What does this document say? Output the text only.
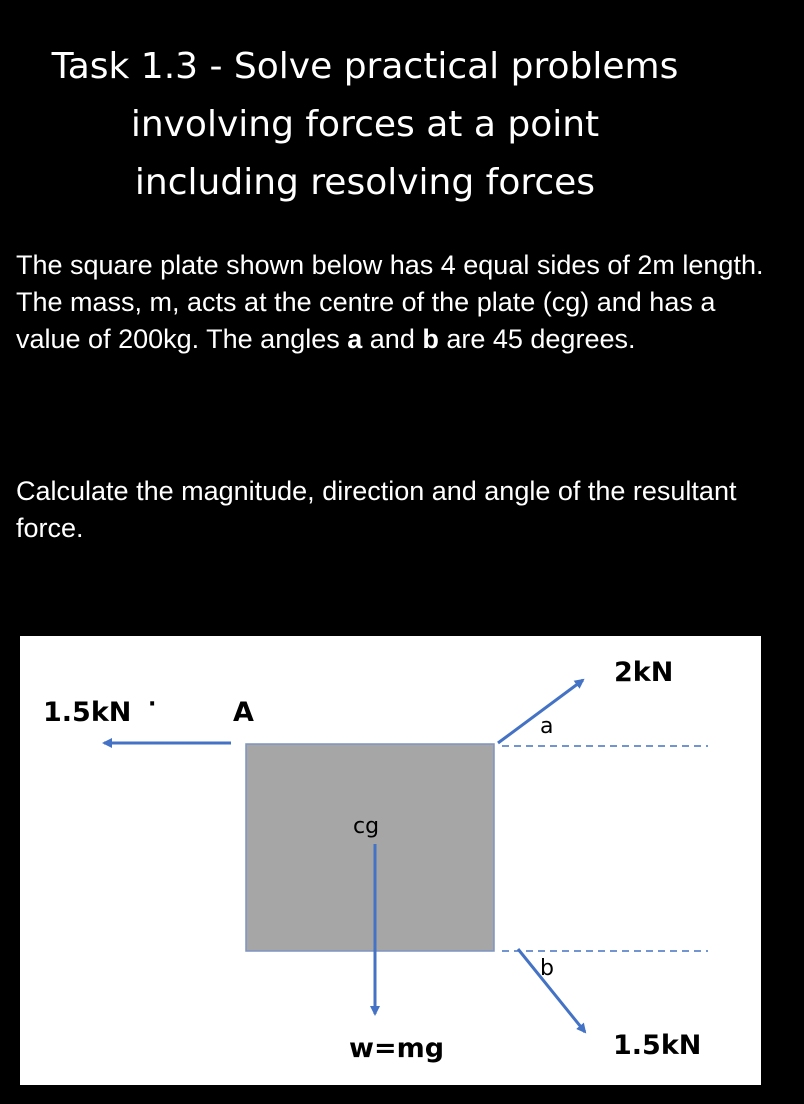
Task 1.3 - Solve practical problems
involving forces at a point
including resolving forces

The square plate shown below has 4 equal sides of 2m length. The mass, m, acts at the centre of the plate (cg) and has a value of 200kg. The angles a and b are 45 degrees.

Calculate the magnitude, direction and angle of the resultant force.

1.5kN ·	A
2kN
a
b
cg
w=mg	1.5kN
